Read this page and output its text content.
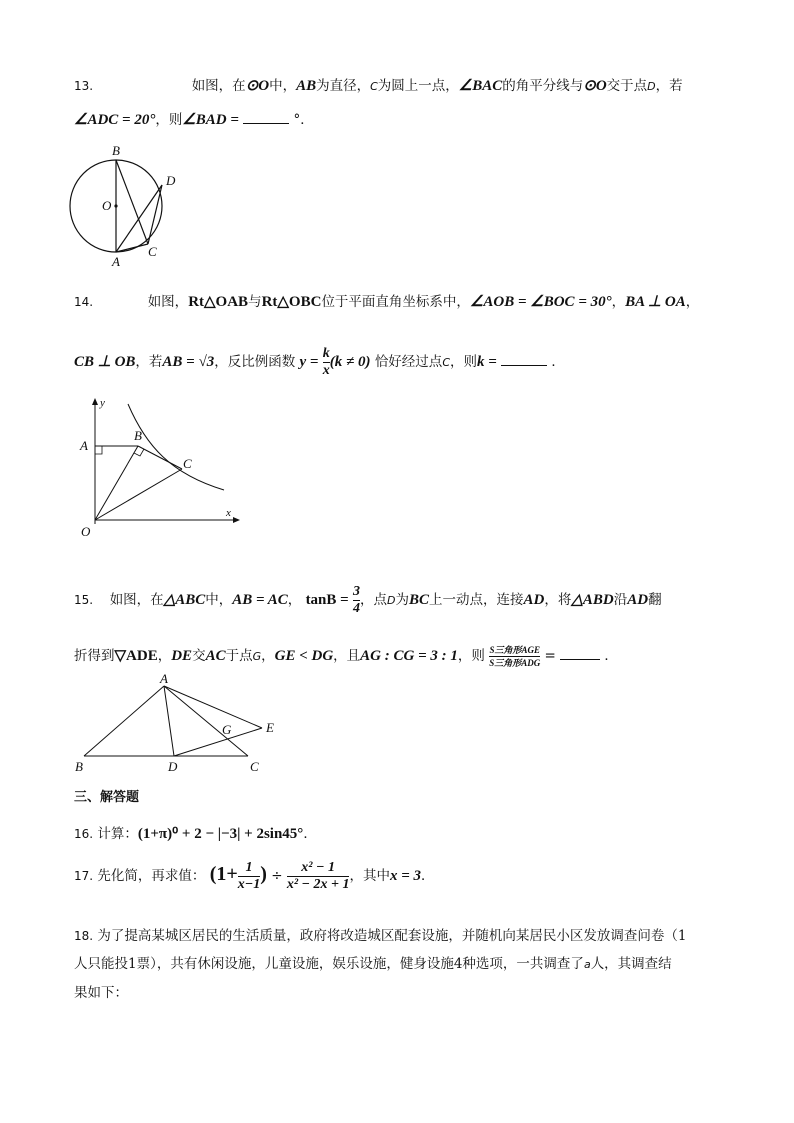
13.	如图，在⊙O中，AB为直径，C为圆上一点，∠BAC的角平分线与⊙O交于点D，若
∠ADC = 20°，则∠BAD =	°．
B
O
D
A
C
14.	如图，Rt△OAB与Rt△OBC位于平面直角坐标系中，∠AOB = ∠BOC = 30°，BA ⊥ OA，
CB ⊥ OB，若AB = √3，反比例函数 $y = \frac{k}{x} (k \ne 0)$ 恰好经过点C，则k =	．
y
A
B
C
x
O
15. 如图，在△ABC中，AB = AC， $\tan B = \frac{3}{4}$ ，点D为BC上一动点，连接AD，将△ABD沿AD翻
折得到▽ADE，DE交AC于点G，GE < DG，且AG : CG = 3 : 1，则 $\frac{\text{S三角形AGE}}{\text{S三角形ADG}}$ =	．
A
G	E
B	D	C
三、解答题
16. 计算：(1+π)⁰ + 2 − |−3| + 2sin45°．
17. 先化简，再求值： ($1+ \frac{1}{x-1}$ ) ÷ $\frac{\text{x² − 1}}{\text{x² − 2x + 1}}$ ，其中x = 3．
18. 为了提高某城区居民的生活质量，政府将改造城区配套设施，并随机向某居民小区发放调查问卷（1
人只能投1票），共有休闲设施，儿童设施，娱乐设施，健身设施4种选项，一共调查了a人，其调查结
果如下：
